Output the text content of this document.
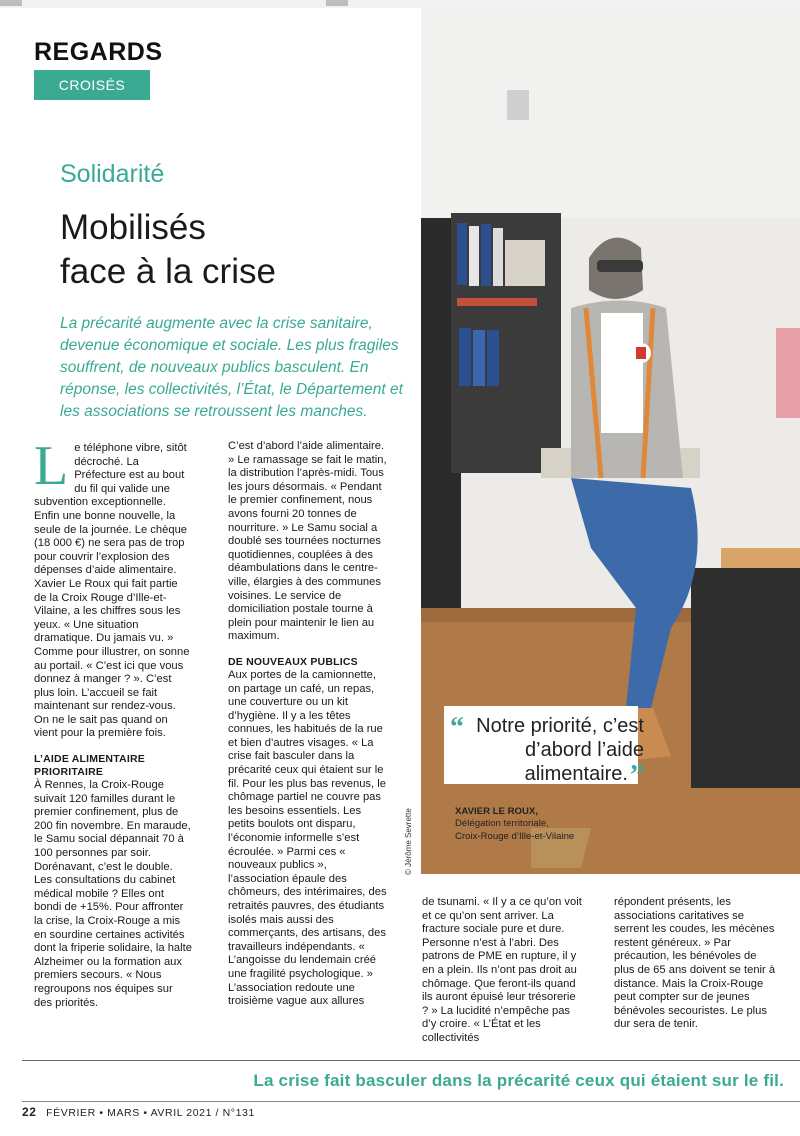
REGARDS
CROISÉS
Solidarité
Mobilisés
face à la crise
La précarité augmente avec la crise sanitaire, devenue économique et sociale. Les plus fragiles souffrent, de nouveaux publics basculent. En réponse, les collectivités, l’État, le Département et les associations se retroussent les manches.

Le téléphone vibre, sitôt décroché. La Préfecture est au bout du fil qui valide une subvention exceptionnelle. Enfin une bonne nouvelle, la seule de la journée. Le chèque (18 000 €) ne sera pas de trop pour couvrir l’explosion des dépenses d’aide alimentaire. Xavier Le Roux qui fait partie de la Croix Rouge d’Ille-et-Vilaine, a les chiffres sous les yeux. « Une situation dramatique. Du jamais vu. » Comme pour illustrer, on sonne au portail. « C’est ici que vous donnez à manger ? ». C’est plus loin. L’accueil se fait maintenant sur rendez-vous. On ne le sait pas quand on vient pour la première fois.

L’AIDE ALIMENTAIRE PRIORITAIRE

À Rennes, la Croix-Rouge suivait 120 familles durant le premier confinement, plus de 200 fin novembre. En maraude, le Samu social dépannait 70 à 100 personnes par soir. Dorénavant, c’est le double. Les consultations du cabinet médical mobile ? Elles ont bondi de +15%. Pour affronter la crise, la Croix-Rouge a mis en sourdine certaines activités dont la friperie solidaire, la halte Alzheimer ou la formation aux premiers secours. « Nous regroupons nos équipes sur des priorités.

C’est d’abord l’aide alimentaire. » Le ramassage se fait le matin, la distribution l’après-midi. Tous les jours désormais. « Pendant le premier confinement, nous avons fourni 20 tonnes de nourriture. » Le Samu social a doublé ses tournées nocturnes quotidiennes, couplées à des déambulations dans le centre-ville, élargies à des communes voisines. Le service de domiciliation postale tourne à plein pour maintenir le lien au maximum.

DE NOUVEAUX PUBLICS

Aux portes de la camionnette, on partage un café, un repas, une couverture ou un kit d’hygiène. Il y a les têtes connues, les habitués de la rue et bien d’autres visages. « La crise fait basculer dans la précarité ceux qui étaient sur le fil. Pour les plus bas revenus, le chômage partiel ne couvre pas les besoins essentiels. Les petits boulots ont disparu, l’économie informelle s’est écroulée. » Parmi ces « nouveaux publics », l’association épaule des chômeurs, des intérimaires, des retraités pauvres, des étudiants isolés mais aussi des commerçants, des artisans, des travailleurs indépendants. « L’angoisse du lendemain créé une fragilité psychologique. » L’association redoute une troisième vague aux allures

de tsunami. « Il y a ce qu’on voit et ce qu’on sent arriver. La fracture sociale pure et dure. Personne n’est à l’abri. Des patrons de PME en rupture, il y en a plein. Ils n’ont pas droit au chômage. Que feront-ils quand ils auront épuisé leur trésorerie ? » La lucidité n’empêche pas d’y croire. « L’État et les collectivités

répondent présents, les associations caritatives se serrent les coudes, les mécènes restent généreux. » Par précaution, les bénévoles de plus de 65 ans doivent se tenir à distance. Mais la Croix-Rouge peut compter sur de jeunes bénévoles secouristes. Le plus dur sera de tenir.

© Jérôme Sevrette
“ Notre priorité, c’est d’abord l’aide alimentaire.”
XAVIER LE ROUX,
Délégation territoriale,
Croix-Rouge d’Ille-et-Vilaine
La crise fait basculer dans la précarité ceux qui étaient sur le fil.
22 FÉVRIER • MARS • AVRIL 2021 / N°131
